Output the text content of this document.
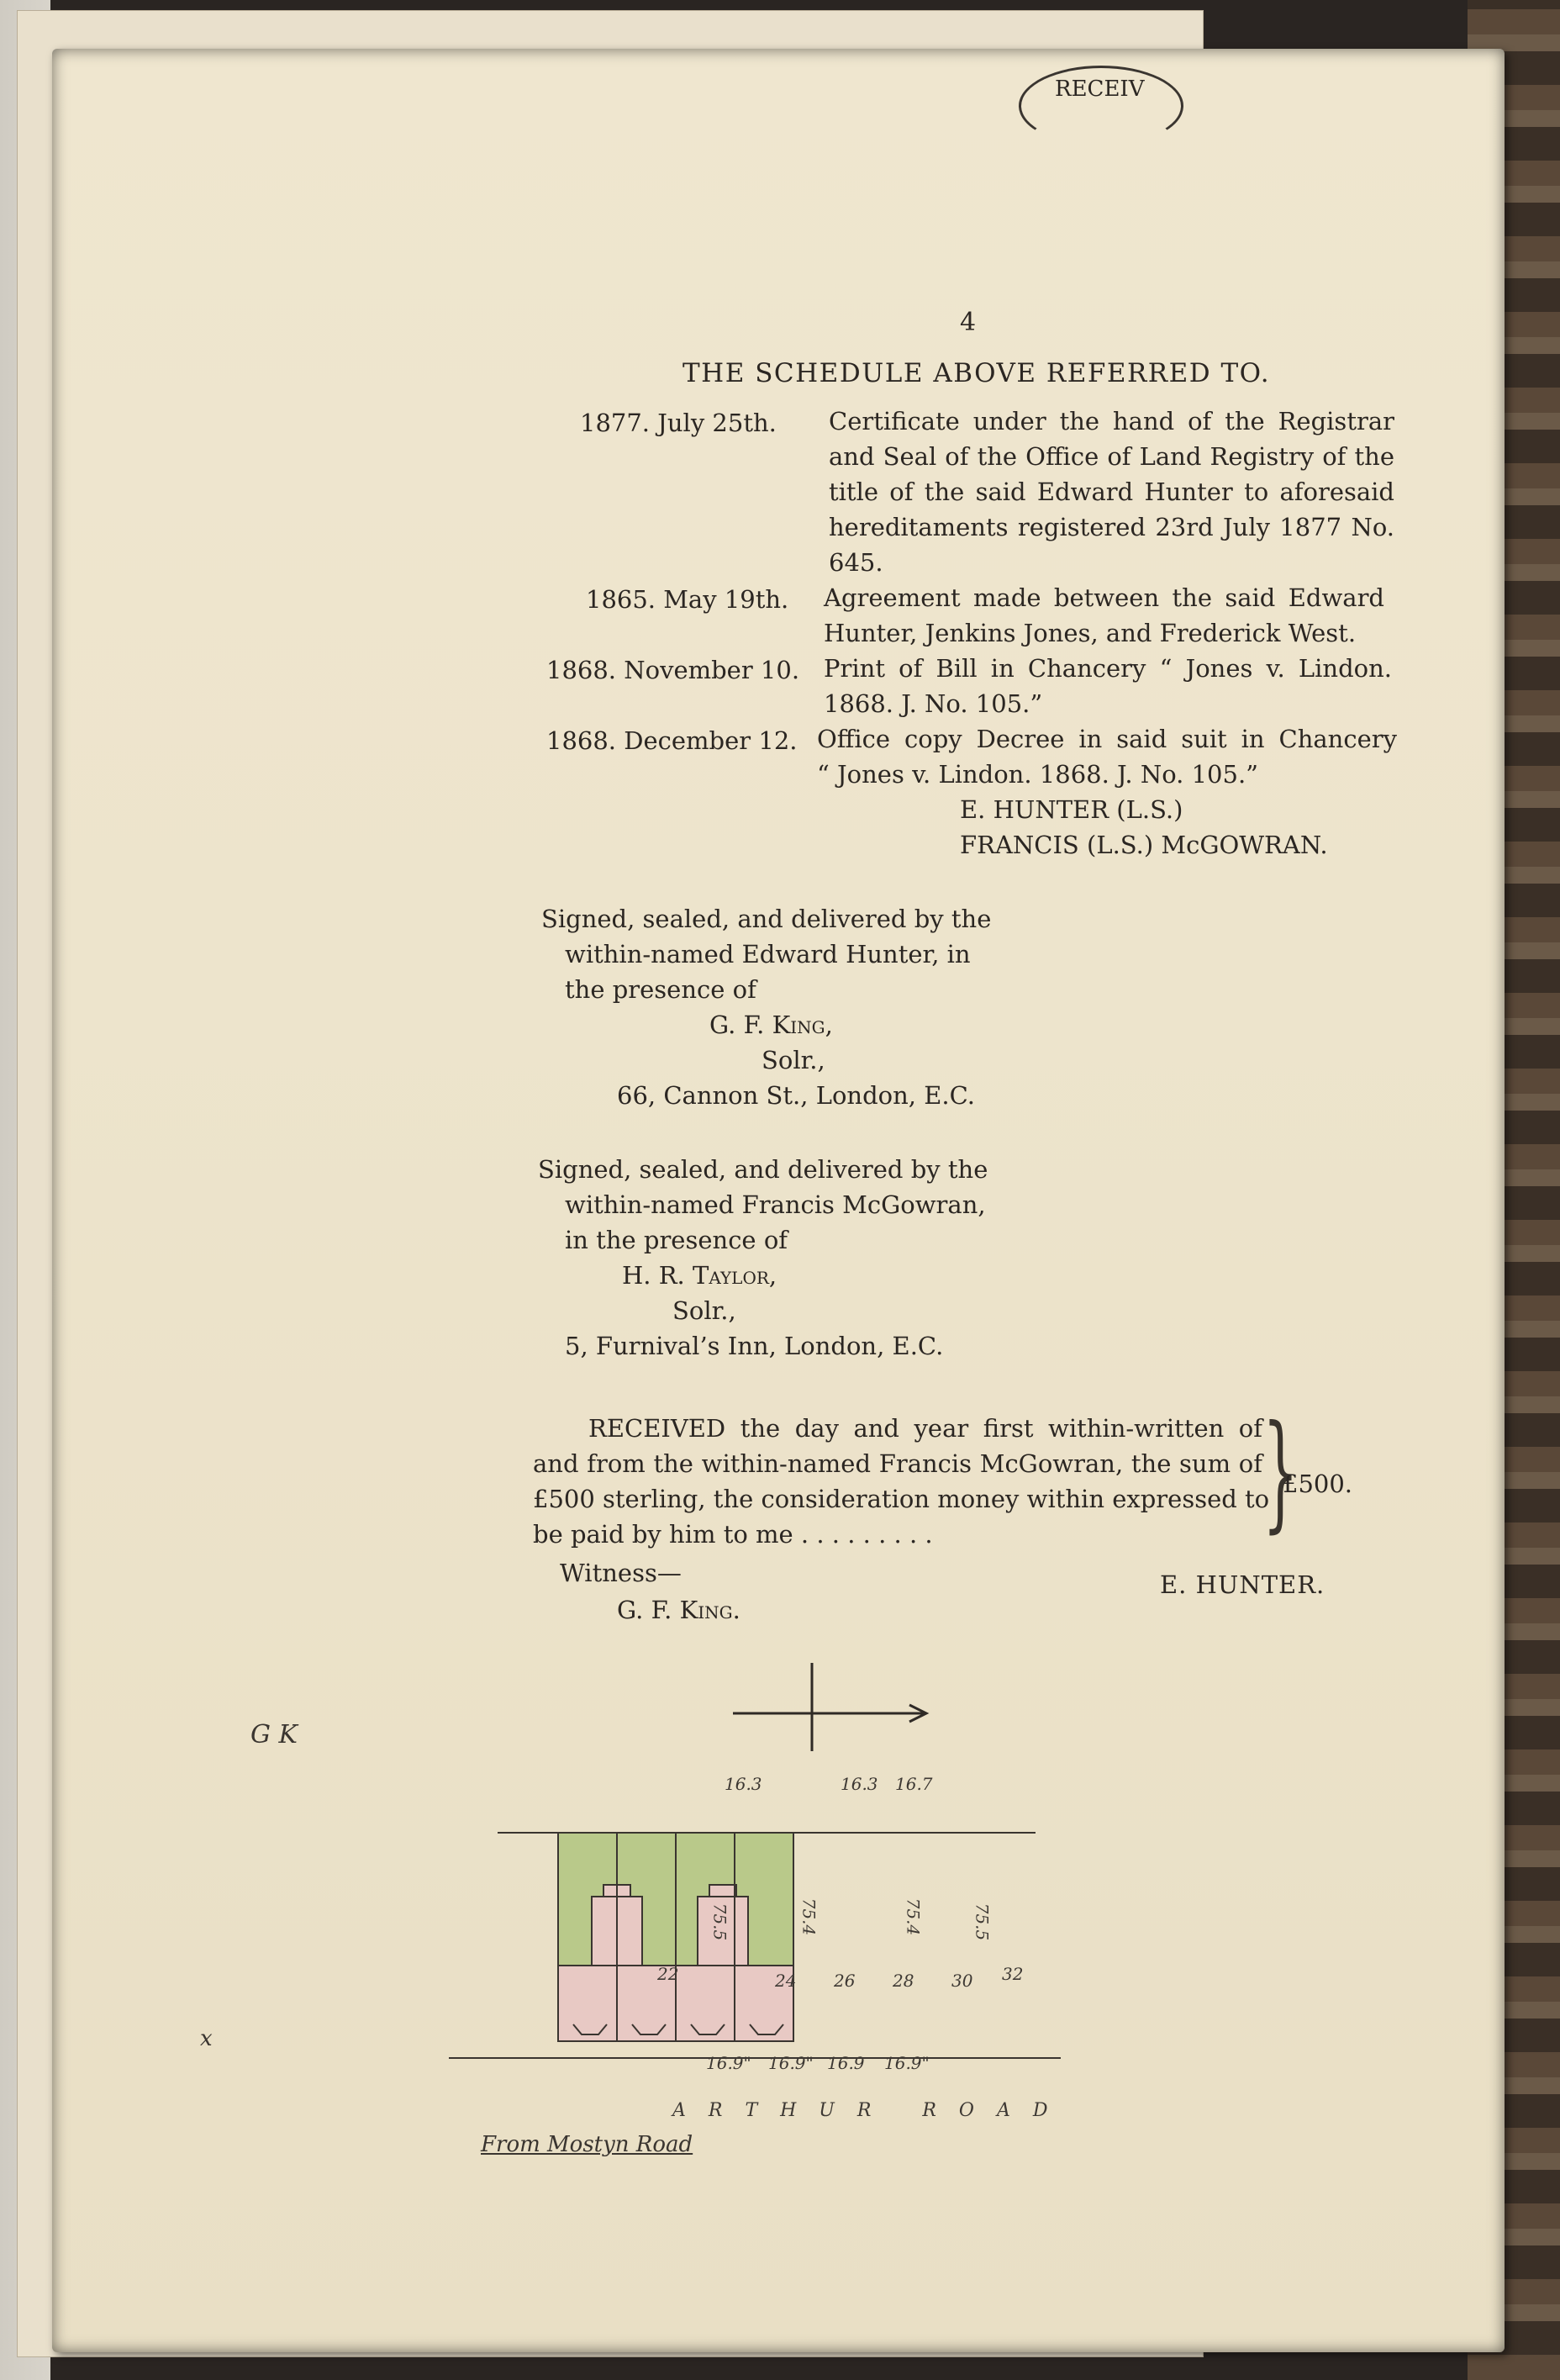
RECEIV
4
THE SCHEDULE ABOVE REFERRED TO.
1877. July 25th. Certificate under the hand of the Registrar
and Seal of the Office of Land Registry of the
title of the said Edward Hunter to aforesaid
hereditaments registered 23rd July 1877 No.
645.
1865. May 19th. Agreement made between the said Edward
Hunter, Jenkins Jones, and Frederick West.
1868. November 10. Print of Bill in Chancery “ Jones v. Lindon.
1868. J. No. 105.”
1868. December 12. Office copy Decree in said suit in Chancery
“ Jones v. Lindon. 1868. J. No. 105.”
E. HUNTER (L.S.)
FRANCIS (L.S.) McGOWRAN.
Signed, sealed, and delivered by the
within-named Edward Hunter, in
the presence of
G. F. King,
Solr.,
66, Cannon St., London, E.C.
Signed, sealed, and delivered by the
within-named Francis McGowran,
in the presence of
H. R. Taylor,
Solr.,
5, Furnival’s Inn, London, E.C.
RECEIVED the day and year first within-written of
and from the within-named Francis McGowran, the sum of
£500 sterling, the consideration money within expressed to
be paid by him to me . . . . . . . . .	}
£500.
Witness—
G. F. King.
E. HUNTER.
G K
x
16.3	16.3 16.7
75.5	75.4	75.4	75.5
22	24 26 28 30 32
16.9" 16.9" 16.9 16.9"
A R T H U R   R O A D
From Mostyn Road
